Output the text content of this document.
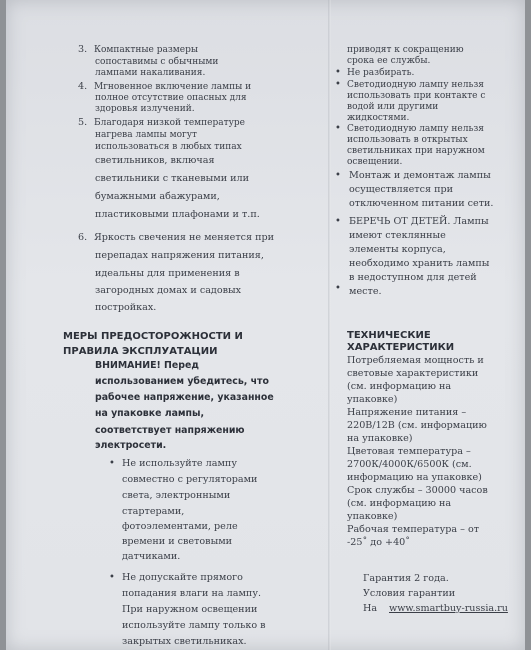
3. Компактные размеры
сопоставимы с обычными
лампами накаливания.
4. Мгновенное включение лампы и
полное отсутствие опасных для
здоровья излучений.
5. Благодаря низкой температуре
нагрева лампы могут
использоваться в любых типах
светильников, включая
светильники с тканевыми или
бумажными абажурами,
пластиковыми плафонами и т.п.
6. Яркость свечения не меняется при
перепадах напряжения питания,
идеальны для применения в
загородных домах и садовых
постройках.
МЕРЫ ПРЕДОСТОРОЖНОСТИ И
ПРАВИЛА ЭКСПЛУАТАЦИИ
ВНИМАНИЕ! Перед
использованием убедитесь, что
рабочее напряжение, указанное
на упаковке лампы,
соответствует напряжению
электросети.
• Не используйте лампу
совместно с регуляторами
света, электронными
стартерами,
фотоэлементами, реле
времени и световыми
датчиками.
• Не допускайте прямого
попадания влаги на лампу.
При наружном освещении
используйте лампу только в
закрытых светильниках.
приводят к сокращению
срока ее службы.
• Не разбирать.
• Светодиодную лампу нельзя
использовать при контакте с
водой или другими
жидкостями.
• Светодиодную лампу нельзя
использовать в открытых
светильниках при наружном
освещении.
• Монтаж и демонтаж лампы
осуществляется при
отключенном питании сети.
• БЕРЕЧЬ ОТ ДЕТЕЙ. Лампы
имеют стеклянные
элементы корпуса,
необходимо хранить лампы
в недоступном для детей
месте.
•
ТЕХНИЧЕСКИЕ
ХАРАКТЕРИСТИКИ
Потребляемая мощность и
световые характеристики
(см. информацию на
упаковке)
Напряжение питания –
220В/12В (см. информацию
на упаковке)
Цветовая температура –
2700К/4000К/6500К (см.
информацию на упаковке)
Срок службы – 30000 часов
(см. информацию на
упаковке)
Рабочая температура – от
-25˚ до +40˚
Гарантия 2 года.
Условия гарантии
На www.smartbuy-russia.ru
